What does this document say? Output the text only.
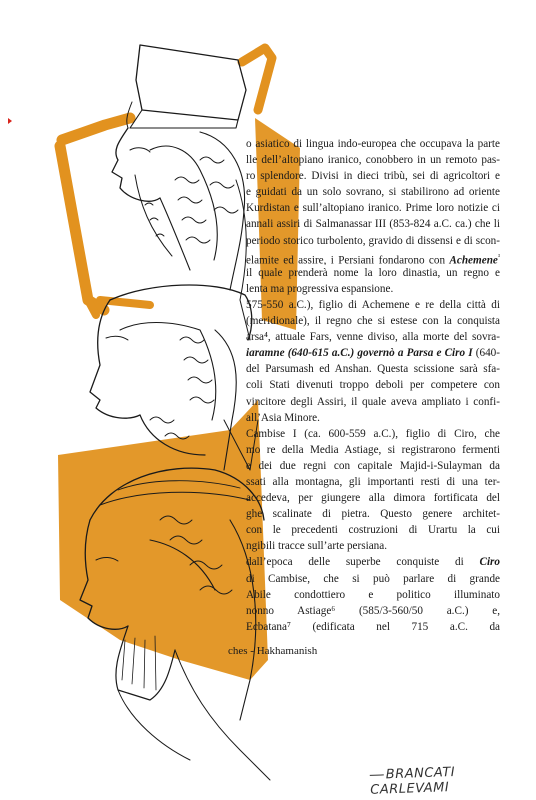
o asiatico di lingua indo-europea che occupava la parte
lle dell’altopiano iranico, conobbero in un remoto pas-
ro splendore. Divisi in dieci tribù, sei di agricoltori e
e guidati da un solo sovrano, si stabilirono ad oriente
Kurdistan e sull’altopiano iranico. Prime loro notizie ci
annali assiri di Salmanassar III (853-824 a.C. ca.) che li
periodo storico turbolento, gravido di dissensi e di scon-
elamite ed assire, i Persiani fondarono con Achemene$^{^3}$
il quale prenderà nome la loro dinastia, un regno e
lenta ma progressiva espansione.
575-550 a.C.), figlio di Achemene e re della città di
(meridionale), il regno che si estese con la conquista
arsa⁴, attuale Fars, venne diviso, alla morte del sovra-
iaramne (640-615 a.C.) governò a Parsa e Ciro I (640-
del Parsumash ed Anshan. Questa scissione sarà sfa-
coli Stati divenuti troppo deboli per competere con
vincitore degli Assiri, il quale aveva ampliato i confi-
all’Asia Minore.
Cambise I (ca. 600-559 a.C.), figlio di Ciro, che
mo re della Media Astiage, si registrarono fermenti
e dei due regni con capitale Majid-i-Sulayman da
ssati alla montagna, gli importanti resti di una ter-
accedeva, per giungere alla dimora fortificata del
ghe scalinate di pietra. Questo genere architet-
con le precedenti costruzioni di Urartu la cui
ngibili tracce sull’arte persiana.
dall’epoca delle superbe conquiste di Ciro
di Cambise, che si può parlare di grande
Abile condottiero e politico illuminato
nonno Astiage⁶ (585/3-560/50 a.C.) e,
Ecbatana⁷ (edificata nel 715 a.C. da
ches - Hakhamanish
BRANCATI CARLEVAMI
